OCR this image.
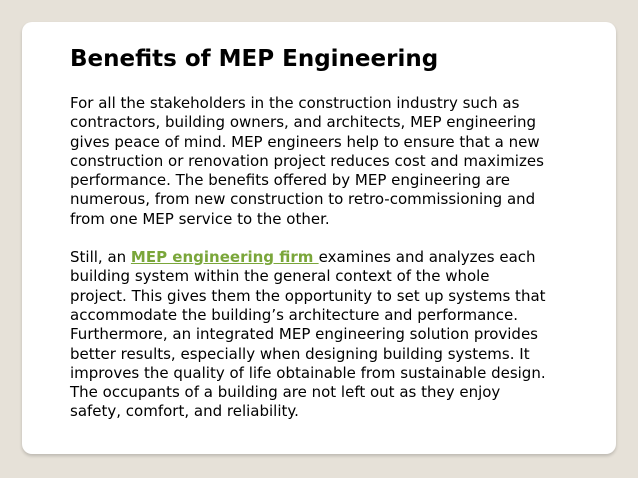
Benefits of MEP Engineering

For all the stakeholders in the construction industry such as
contractors, building owners, and architects, MEP engineering
gives peace of mind. MEP engineers help to ensure that a new
construction or renovation project reduces cost and maximizes
performance. The benefits offered by MEP engineering are
numerous, from new construction to retro-commissioning and
from one MEP service to the other.

Still, an MEP engineering firm examines and analyzes each
building system within the general context of the whole
project. This gives them the opportunity to set up systems that
accommodate the building’s architecture and performance.
Furthermore, an integrated MEP engineering solution provides
better results, especially when designing building systems. It
improves the quality of life obtainable from sustainable design.
The occupants of a building are not left out as they enjoy
safety, comfort, and reliability.
